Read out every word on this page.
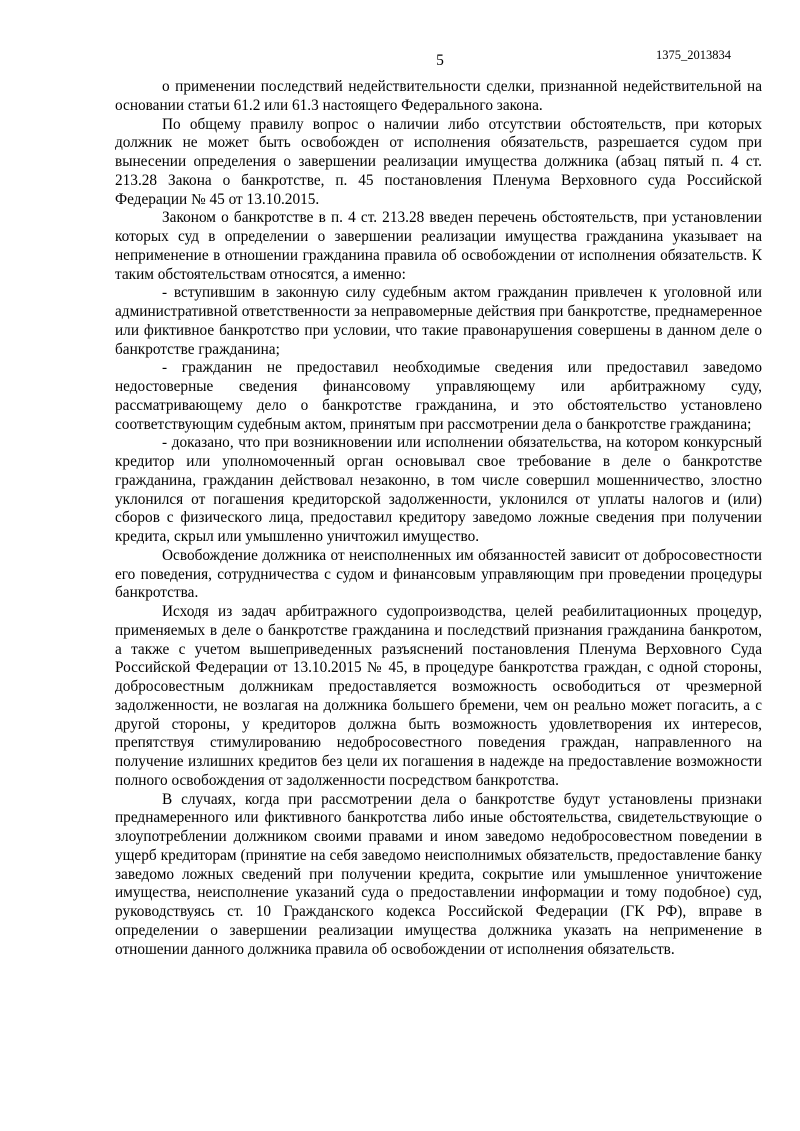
5	1375_2013834

о применении последствий недействительности сделки, признанной недействительной на основании статьи 61.2 или 61.3 настоящего Федерального закона.

По общему правилу вопрос о наличии либо отсутствии обстоятельств, при которых должник не может быть освобожден от исполнения обязательств, разрешается судом при вынесении определения о завершении реализации имущества должника (абзац пятый п. 4 ст. 213.28 Закона о банкротстве, п. 45 постановления Пленума Верховного суда Российской Федерации № 45 от 13.10.2015.

Законом о банкротстве в п. 4 ст. 213.28 введен перечень обстоятельств, при установлении которых суд в определении о завершении реализации имущества гражданина указывает на неприменение в отношении гражданина правила об освобождении от исполнения обязательств. К таким обстоятельствам относятся, а именно:

- вступившим в законную силу судебным актом гражданин привлечен к уголовной или административной ответственности за неправомерные действия при банкротстве, преднамеренное или фиктивное банкротство при условии, что такие правонарушения совершены в данном деле о банкротстве гражданина;

- гражданин не предоставил необходимые сведения или предоставил заведомо недостоверные сведения финансовому управляющему или арбитражному суду, рассматривающему дело о банкротстве гражданина, и это обстоятельство установлено соответствующим судебным актом, принятым при рассмотрении дела о банкротстве гражданина;

- доказано, что при возникновении или исполнении обязательства, на котором конкурсный кредитор или уполномоченный орган основывал свое требование в деле о банкротстве гражданина, гражданин действовал незаконно, в том числе совершил мошенничество, злостно уклонился от погашения кредиторской задолженности, уклонился от уплаты налогов и (или) сборов с физического лица, предоставил кредитору заведомо ложные сведения при получении кредита, скрыл или умышленно уничтожил имущество.

Освобождение должника от неисполненных им обязанностей зависит от добросовестности его поведения, сотрудничества с судом и финансовым управляющим при проведении процедуры банкротства.

Исходя из задач арбитражного судопроизводства, целей реабилитационных процедур, применяемых в деле о банкротстве гражданина и последствий признания гражданина банкротом, а также с учетом вышеприведенных разъяснений постановления Пленума Верховного Суда Российской Федерации от 13.10.2015 № 45, в процедуре банкротства граждан, с одной стороны, добросовестным должникам предоставляется возможность освободиться от чрезмерной задолженности, не возлагая на должника большего бремени, чем он реально может погасить, а с другой стороны, у кредиторов должна быть возможность удовлетворения их интересов, препятствуя стимулированию недобросовестного поведения граждан, направленного на получение излишних кредитов без цели их погашения в надежде на предоставление возможности полного освобождения от задолженности посредством банкротства.

В случаях, когда при рассмотрении дела о банкротстве будут установлены признаки преднамеренного или фиктивного банкротства либо иные обстоятельства, свидетельствующие о злоупотреблении должником своими правами и ином заведомо недобросовестном поведении в ущерб кредиторам (принятие на себя заведомо неисполнимых обязательств, предоставление банку заведомо ложных сведений при получении кредита, сокрытие или умышленное уничтожение имущества, неисполнение указаний суда о предоставлении информации и тому подобное) суд, руководствуясь ст. 10 Гражданского кодекса Российской Федерации (ГК РФ), вправе в определении о завершении реализации имущества должника указать на неприменение в отношении данного должника правила об освобождении от исполнения обязательств.
